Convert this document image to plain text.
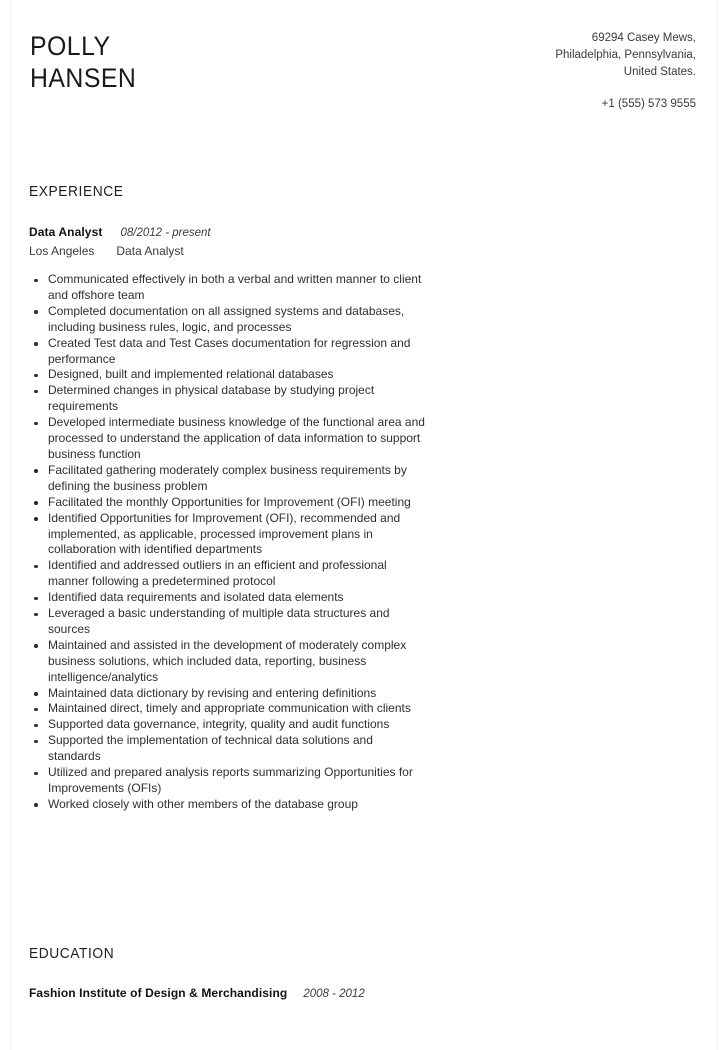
POLLY
HANSEN
69294 Casey Mews,
Philadelphia, Pennsylvania,
United States.
+1 (555) 573 9555
EXPERIENCE
Data Analyst 08/2012 - present
Los Angeles Data Analyst
Communicated effectively in both a verbal and written manner to client and offshore team
Completed documentation on all assigned systems and databases, including business rules, logic, and processes
Created Test data and Test Cases documentation for regression and performance
Designed, built and implemented relational databases
Determined changes in physical database by studying project requirements
Developed intermediate business knowledge of the functional area and processed to understand the application of data information to support business function
Facilitated gathering moderately complex business requirements by defining the business problem
Facilitated the monthly Opportunities for Improvement (OFI) meeting
Identified Opportunities for Improvement (OFI), recommended and implemented, as applicable, processed improvement plans in collaboration with identified departments
Identified and addressed outliers in an efficient and professional manner following a predetermined protocol
Identified data requirements and isolated data elements
Leveraged a basic understanding of multiple data structures and sources
Maintained and assisted in the development of moderately complex business solutions, which included data, reporting, business intelligence/analytics
Maintained data dictionary by revising and entering definitions
Maintained direct, timely and appropriate communication with clients
Supported data governance, integrity, quality and audit functions
Supported the implementation of technical data solutions and standards
Utilized and prepared analysis reports summarizing Opportunities for Improvements (OFIs)
Worked closely with other members of the database group
EDUCATION
Fashion Institute of Design & Merchandising 2008 - 2012
